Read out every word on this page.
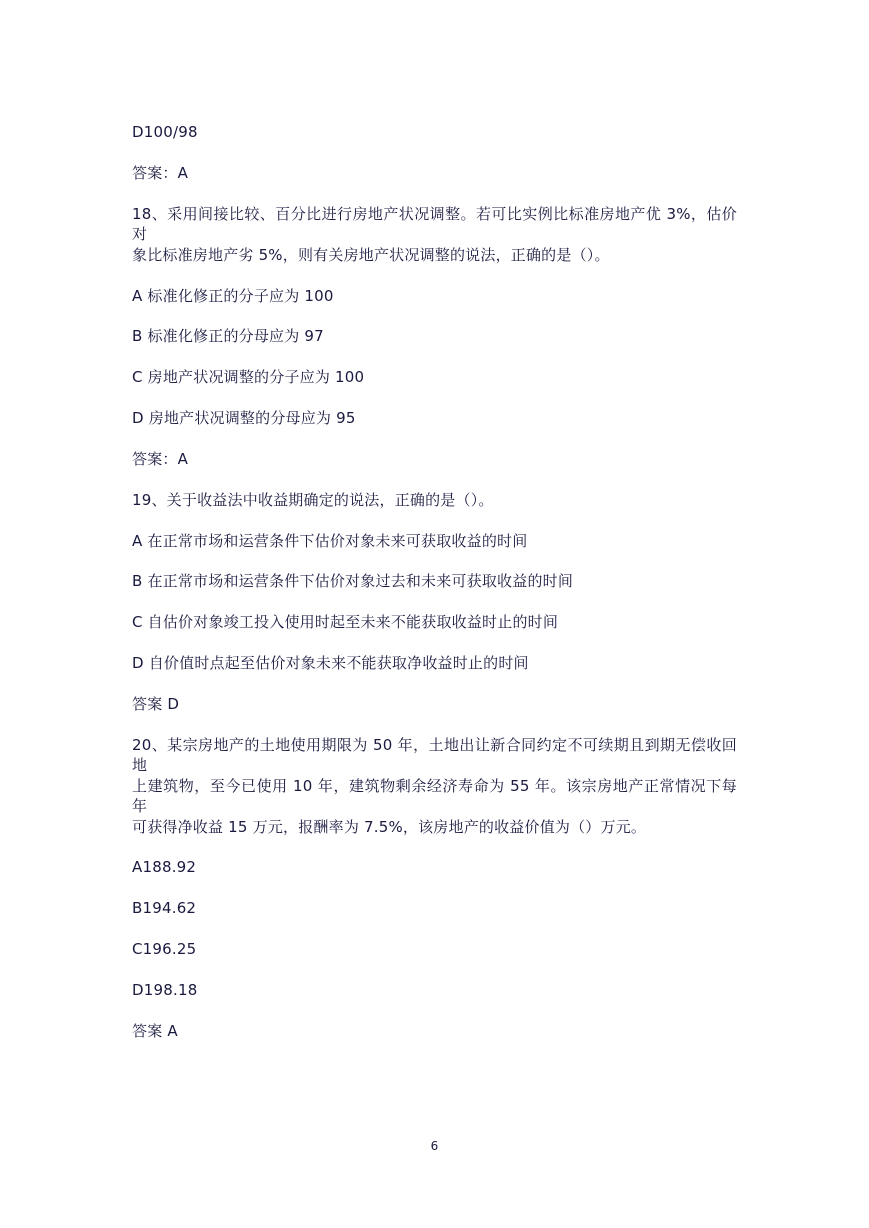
D100/98
答案：A
18、采用间接比较、百分比进行房地产状况调整。若可比实例比标准房地产优 3%，估价对
象比标准房地产劣 5%，则有关房地产状况调整的说法，正确的是（）。
A 标准化修正的分子应为 100
B 标准化修正的分母应为 97
C 房地产状况调整的分子应为 100
D 房地产状况调整的分母应为 95
答案：A
19、关于收益法中收益期确定的说法，正确的是（）。
A 在正常市场和运营条件下估价对象未来可获取收益的时间
B 在正常市场和运营条件下估价对象过去和未来可获取收益的时间
C 自估价对象竣工投入使用时起至未来不能获取收益时止的时间
D 自价值时点起至估价对象未来不能获取净收益时止的时间
答案 D
20、某宗房地产的土地使用期限为 50 年，土地出让新合同约定不可续期且到期无偿收回地
上建筑物，至今已使用 10 年，建筑物剩余经济寿命为 55 年。该宗房地产正常情况下每年
可获得净收益 15 万元，报酬率为 7.5%，该房地产的收益价值为（）万元。
A188.92
B194.62
C196.25
D198.18
答案 A
6
